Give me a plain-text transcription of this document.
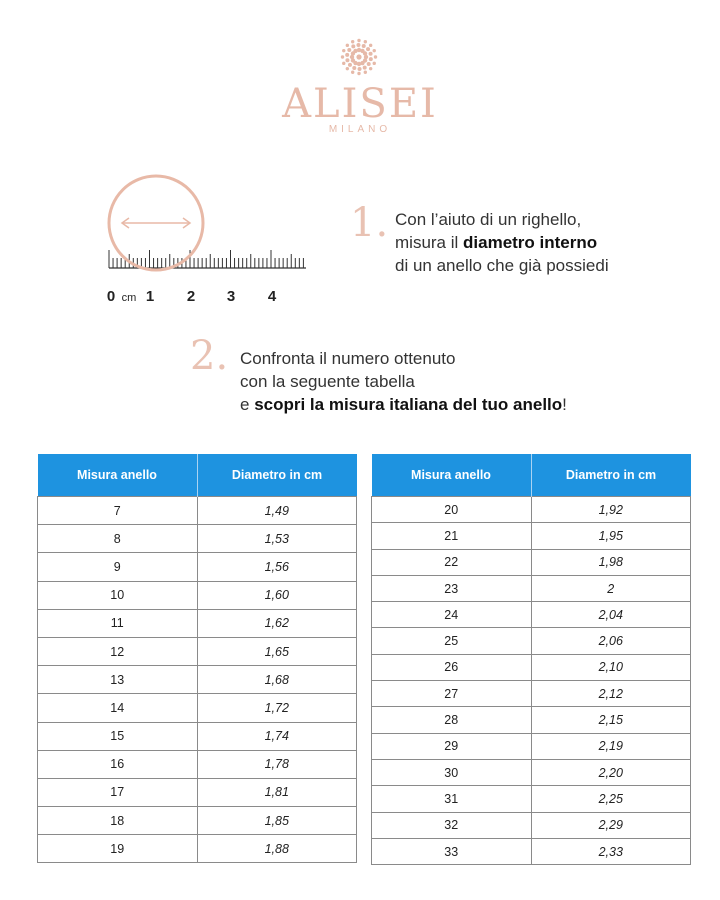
ALISEI
MILANO
0 cm 1 2 3 4
1. Con l’aiuto di un righello,
misura il diametro interno
di un anello che già possiedi
2. Confronta il numero ottenuto
con la seguente tabella
e scopri la misura italiana del tuo anello!
Misura anello	Diametro in cm
7	1,49
8	1,53
9	1,56
10	1,60
11	1,62
12	1,65
13	1,68
14	1,72
15	1,74
16	1,78
17	1,81
18	1,85
19	1,88
Misura anello	Diametro in cm
20	1,92
21	1,95
22	1,98
23	2
24	2,04
25	2,06
26	2,10
27	2,12
28	2,15
29	2,19
30	2,20
31	2,25
32	2,29
33	2,33
